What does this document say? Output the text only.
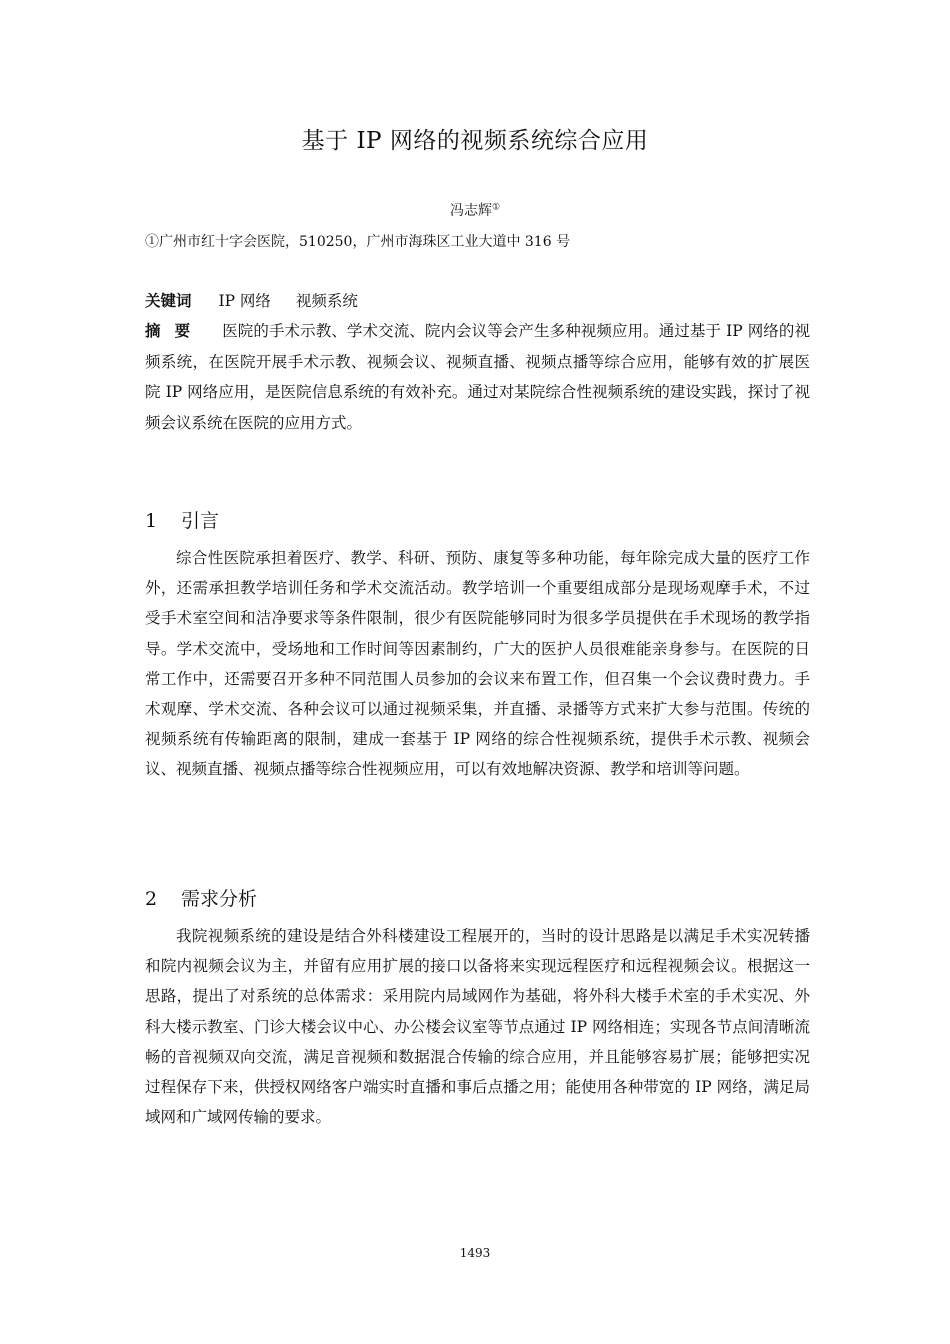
基于 IP 网络的视频系统综合应用
冯志辉①
①广州市红十字会医院，510250，广州市海珠区工业大道中 316 号
关键词 IP 网络 视频系统
摘要 医院的手术示教、学术交流、院内会议等会产生多种视频应用。通过基于 IP 网络的视频系统，在医院开展手术示教、视频会议、视频直播、视频点播等综合应用，能够有效的扩展医院 IP 网络应用，是医院信息系统的有效补充。通过对某院综合性视频系统的建设实践，探讨了视频会议系统在医院的应用方式。
1 引言
综合性医院承担着医疗、教学、科研、预防、康复等多种功能，每年除完成大量的医疗工作外，还需承担教学培训任务和学术交流活动。教学培训一个重要组成部分是现场观摩手术，不过受手术室空间和洁净要求等条件限制，很少有医院能够同时为很多学员提供在手术现场的教学指导。学术交流中，受场地和工作时间等因素制约，广大的医护人员很难能亲身参与。在医院的日常工作中，还需要召开多种不同范围人员参加的会议来布置工作，但召集一个会议费时费力。手术观摩、学术交流、各种会议可以通过视频采集，并直播、录播等方式来扩大参与范围。传统的视频系统有传输距离的限制，建成一套基于 IP 网络的综合性视频系统，提供手术示教、视频会议、视频直播、视频点播等综合性视频应用，可以有效地解决资源、教学和培训等问题。
2 需求分析
我院视频系统的建设是结合外科楼建设工程展开的，当时的设计思路是以满足手术实况转播和院内视频会议为主，并留有应用扩展的接口以备将来实现远程医疗和远程视频会议。根据这一思路，提出了对系统的总体需求：采用院内局域网作为基础，将外科大楼手术室的手术实况、外科大楼示教室、门诊大楼会议中心、办公楼会议室等节点通过 IP 网络相连；实现各节点间清晰流畅的音视频双向交流，满足音视频和数据混合传输的综合应用，并且能够容易扩展；能够把实况过程保存下来，供授权网络客户端实时直播和事后点播之用；能使用各种带宽的 IP 网络，满足局域网和广域网传输的要求。
1493
